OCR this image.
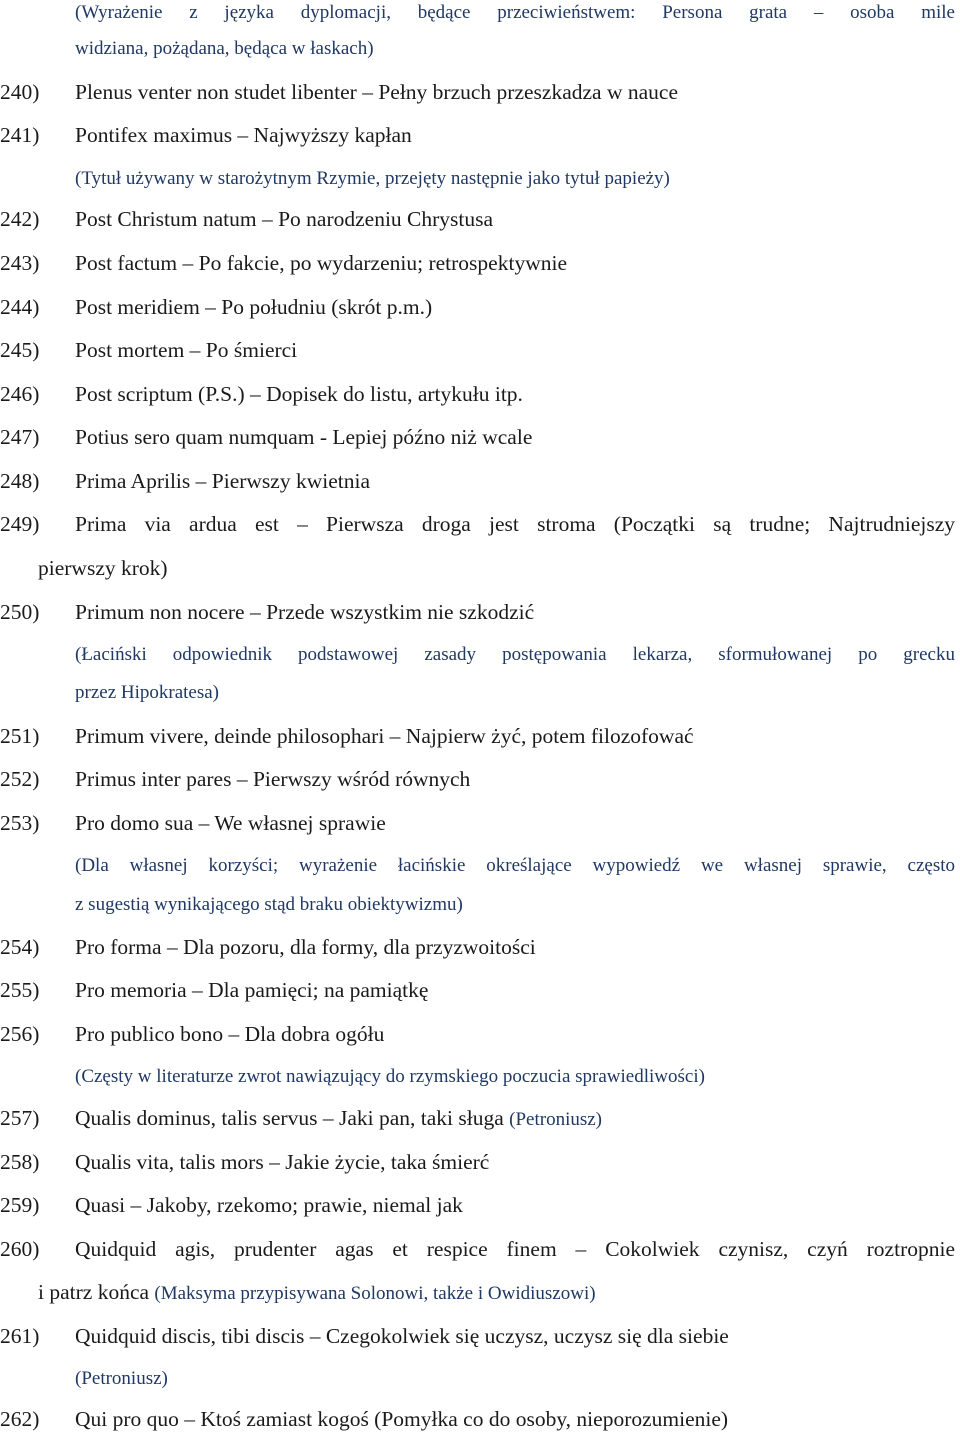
(Wyrażenie z języka dyplomacji, będące przeciwieństwem: Persona grata – osoba mile
widziana, pożądana, będąca w łaskach)
240)	Plenus venter non studet libenter – Pełny brzuch przeszkadza w nauce
241)	Pontifex maximus – Najwyższy kapłan
(Tytuł używany w starożytnym Rzymie, przejęty następnie jako tytuł papieży)
242)	Post Christum natum – Po narodzeniu Chrystusa
243)	Post factum – Po fakcie, po wydarzeniu; retrospektywnie
244)	Post meridiem – Po południu (skrót p.m.)
245)	Post mortem – Po śmierci
246)	Post scriptum (P.S.) – Dopisek do listu, artykułu itp.
247)	Potius sero quam numquam - Lepiej późno niż wcale
248)	Prima Aprilis – Pierwszy kwietnia
249)	Prima via ardua est – Pierwsza droga jest stroma (Początki są trudne; Najtrudniejszy
pierwszy krok)
250)	Primum non nocere – Przede wszystkim nie szkodzić
(Łaciński odpowiednik podstawowej zasady postępowania lekarza, sformułowanej po grecku
przez Hipokratesa)
251)	Primum vivere, deinde philosophari – Najpierw żyć, potem filozofować
252)	Primus inter pares – Pierwszy wśród równych
253)	Pro domo sua – We własnej sprawie
(Dla własnej korzyści; wyrażenie łacińskie określające wypowiedź we własnej sprawie, często
z sugestią wynikającego stąd braku obiektywizmu)
254)	Pro forma – Dla pozoru, dla formy, dla przyzwoitości
255)	Pro memoria – Dla pamięci; na pamiątkę
256)	Pro publico bono – Dla dobra ogółu
(Częsty w literaturze zwrot nawiązujący do rzymskiego poczucia sprawiedliwości)
257)	Qualis dominus, talis servus – Jaki pan, taki sługa (Petroniusz)
258)	Qualis vita, talis mors – Jakie życie, taka śmierć
259)	Quasi – Jakoby, rzekomo; prawie, niemal jak
260)	Quidquid agis, prudenter agas et respice finem – Cokolwiek czynisz, czyń roztropnie
i patrz końca (Maksyma przypisywana Solonowi, także i Owidiuszowi)
261)	Quidquid discis, tibi discis – Czegokolwiek się uczysz, uczysz się dla siebie
(Petroniusz)
262)	Qui pro quo – Ktoś zamiast kogoś (Pomyłka co do osoby, nieporozumienie)
